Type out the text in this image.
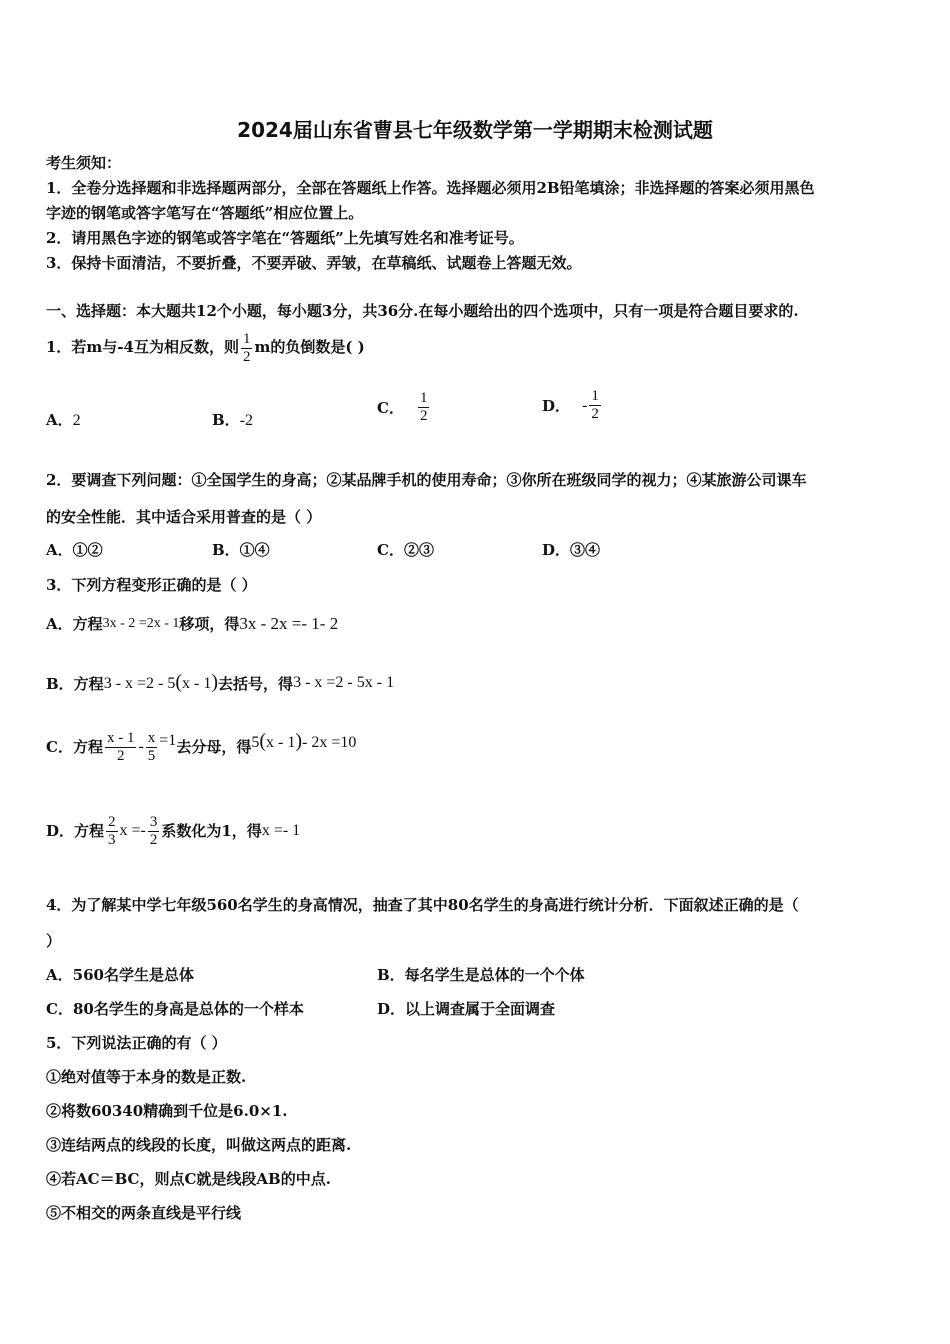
2024届山东省曹县七年级数学第一学期期末检测试题
考生须知：
1．全卷分选择题和非选择题两部分，全部在答题纸上作答。选择题必须用2B铅笔填涂；非选择题的答案必须用黑色
字迹的钢笔或答字笔写在“答题纸”相应位置上。
2．请用黑色字迹的钢笔或答字笔在“答题纸”上先填写姓名和准考证号。
3．保持卡面清洁，不要折叠，不要弄破、弄皱，在草稿纸、试题卷上答题无效。
一、选择题：本大题共12个小题，每小题3分，共36分.在每小题给出的四个选项中，只有一项是符合题目要求的.
1．若m与-4互为相反数，则 $\frac{1}{2}$ m的负倒数是( )
A．2	B．-2
C． $\frac{1}{2}$	D． - $\frac{1}{2}$
2．要调查下列问题：①全国学生的身高；②某品牌手机的使用寿命；③你所在班级同学的视力；④某旅游公司课车
的安全性能．其中适合采用普查的是（ ）
A．①②	B．①④	C．②③	D．③④
3．下列方程变形正确的是（ ）
A．方程3x - 2 =2x - 1移项，得3x - 2x =- 1- 2
B．方程3 - x =2 - 5(x - 1)去括号，得3 - x =2 - 5x - 1
C．方程 $\frac{x - 1}{2} - \frac{x}{5} =1$去分母，得5(x - 1)- 2x =10
D．方程 $\frac{2}{3}$ $x =- \frac{3}{2}$ 系数化为1，得x =- 1
4．为了解某中学七年级560名学生的身高情况，抽查了其中80名学生的身高进行统计分析．下面叙述正确的是（
）
A．560名学生是总体	B．每名学生是总体的一个个体
C．80名学生的身高是总体的一个样本	D．以上调查属于全面调查
5．下列说法正确的有（ ）
①绝对值等于本身的数是正数.
②将数60340精确到千位是6.0×1.
③连结两点的线段的长度，叫做这两点的距离.
④若AC＝BC，则点C就是线段AB的中点.
⑤不相交的两条直线是平行线
